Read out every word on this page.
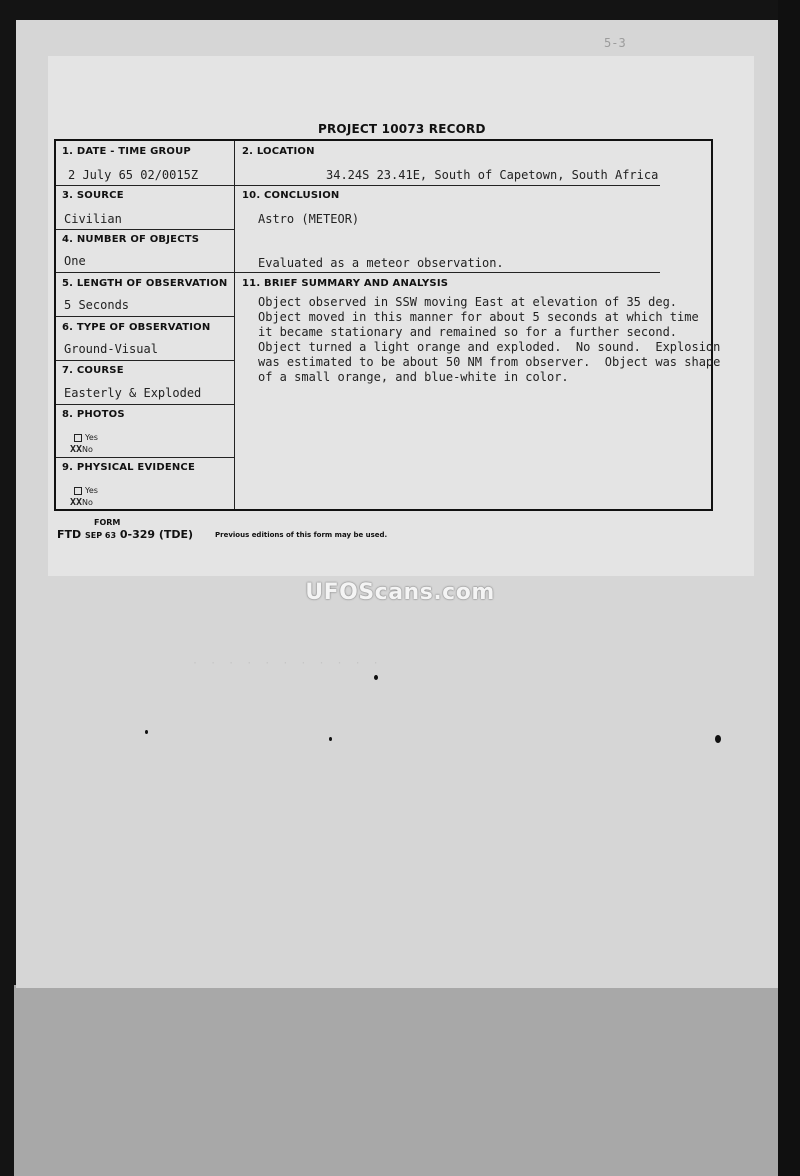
5-3

·  ·  ·  ·  ·  ·  ·  ·  ·  ·  ·

PROJECT 10073 RECORD
1. DATE - TIME GROUP
2 July 65 02/0015Z
2. LOCATION
34.24S 23.41E, South of Capetown, South Africa
3. SOURCE
Civilian
10. CONCLUSION
Astro (METEOR)
Evaluated as a meteor observation.
4. NUMBER OF OBJECTS
One
5. LENGTH OF OBSERVATION
5 Seconds
11. BRIEF SUMMARY AND ANALYSIS
6. TYPE OF OBSERVATION
Ground-Visual
7. COURSE
Easterly & Exploded
8. PHOTOS
Yes
XXNo
9. PHYSICAL EVIDENCE
Yes
XXNo
Object observed in SSW moving East at elevation of 35 deg.
Object moved in this manner for about 5 seconds at which time
it became stationary and remained so for a further second.
Object turned a light orange and exploded.  No sound.  Explosion
was estimated to be about 50 NM from observer.  Object was shape
of a small orange, and blue-white in color.
FORM
FTD SEP 63 0-329 (TDE)	Previous editions of this form may be used.
UFOScans.com
